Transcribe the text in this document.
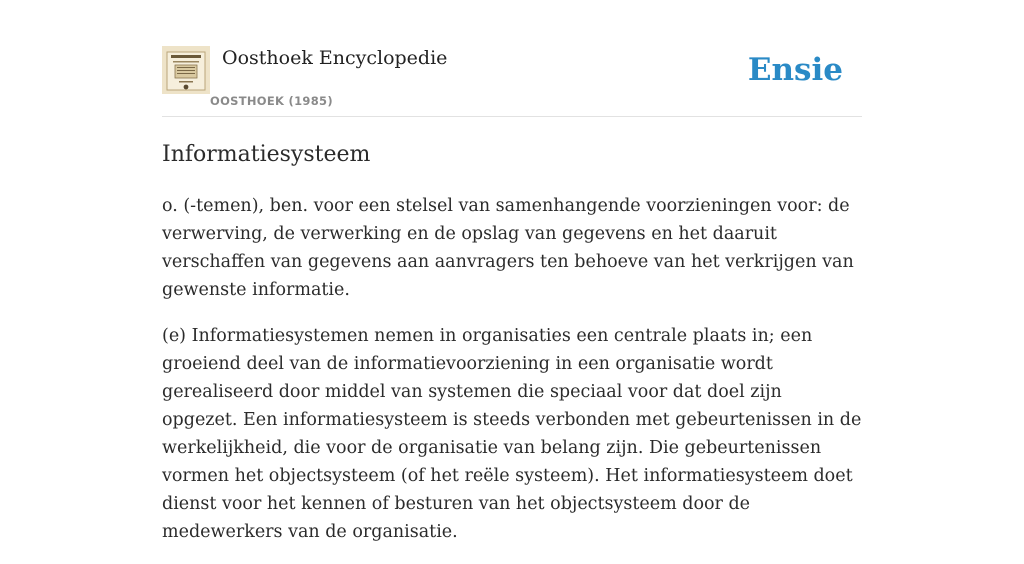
Oosthoek Encyclopedie
OOSTHOEK (1985)
Ensie
Informatiesysteem

o. (-temen), ben. voor een stelsel van samenhangende voorzieningen voor: de verwerving, de verwerking en de opslag van gegevens en het daaruit verschaffen van gegevens aan aanvragers ten behoeve van het verkrijgen van gewenste informatie.

(e) Informatiesystemen nemen in organisaties een centrale plaats in; een groeiend deel van de informatievoorziening in een organisatie wordt gerealiseerd door middel van systemen die speciaal voor dat doel zijn opgezet. Een informatiesysteem is steeds verbonden met gebeurtenissen in de werkelijkheid, die voor de organisatie van belang zijn. Die gebeurtenissen vormen het objectsysteem (of het reële systeem). Het informatiesysteem doet dienst voor het kennen of besturen van het objectsysteem door de medewerkers van de organisatie.
